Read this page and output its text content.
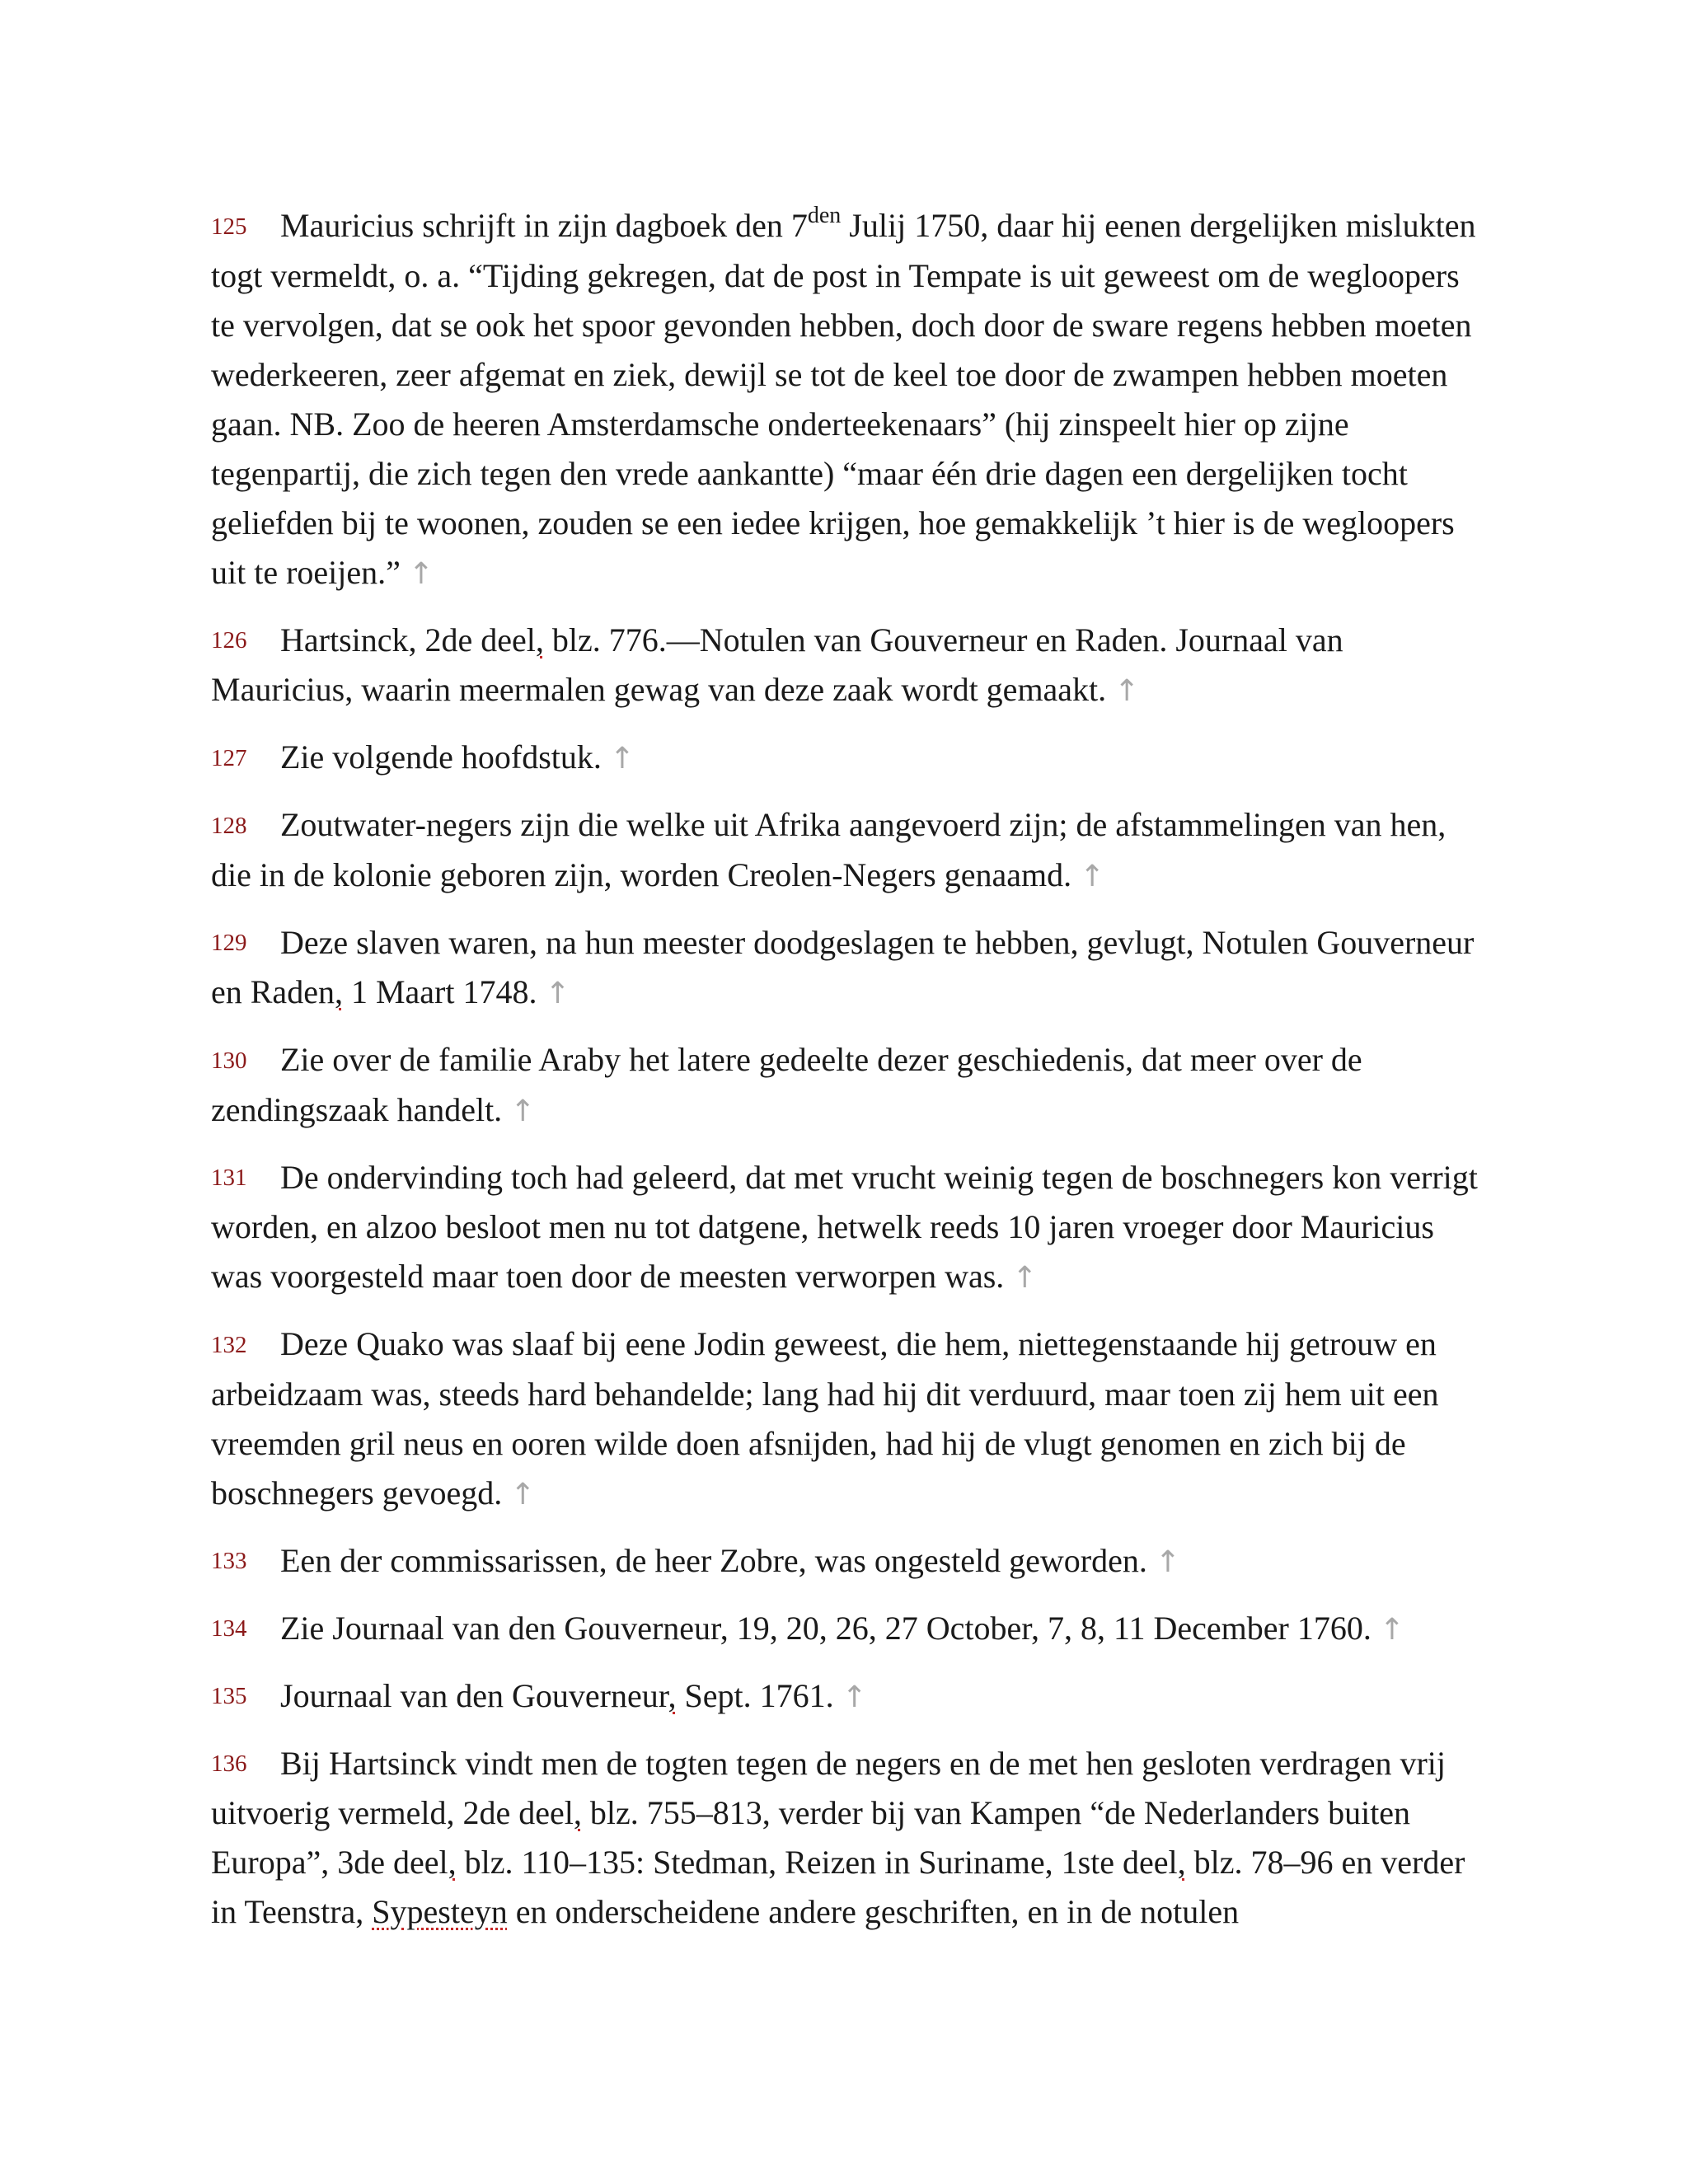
125 Mauricius schrijft in zijn dagboek den $7^{den}$ Julij 1750, daar hij eenen dergelijken mislukten togt vermeldt, o. a. “Tijding gekregen, dat de post in Tempate is uit geweest om de wegloopers te vervolgen, dat se ook het spoor gevonden hebben, doch door de sware regens hebben moeten wederkeeren, zeer afgemat en ziek, dewijl se tot de keel toe door de zwampen hebben moeten gaan. NB. Zoo de heeren Amsterdamsche onderteekenaars” (hij zinspeelt hier op zijne tegenpartij, die zich tegen den vrede aankantte) “maar één drie dagen een dergelijken tocht geliefden bij te woonen, zouden se een iedee krijgen, hoe gemakkelijk ’t hier is de wegloopers uit te roeijen.” ↑

126 Hartsinck, 2de deel, blz. 776.—Notulen van Gouverneur en Raden. Journaal van Mauricius, waarin meermalen gewag van deze zaak wordt gemaakt. ↑

127 Zie volgende hoofdstuk. ↑

128 Zoutwater-negers zijn die welke uit Afrika aangevoerd zijn; de afstammelingen van hen, die in de kolonie geboren zijn, worden Creolen-Negers genaamd. ↑

129 Deze slaven waren, na hun meester doodgeslagen te hebben, gevlugt, Notulen Gouverneur en Raden, 1 Maart 1748. ↑

130 Zie over de familie Araby het latere gedeelte dezer geschiedenis, dat meer over de zendingszaak handelt. ↑

131 De ondervinding toch had geleerd, dat met vrucht weinig tegen de boschnegers kon verrigt worden, en alzoo besloot men nu tot datgene, hetwelk reeds 10 jaren vroeger door Mauricius was voorgesteld maar toen door de meesten verworpen was. ↑

132 Deze Quako was slaaf bij eene Jodin geweest, die hem, niettegenstaande hij getrouw en arbeidzaam was, steeds hard behandelde; lang had hij dit verduurd, maar toen zij hem uit een vreemden gril neus en ooren wilde doen afsnijden, had hij de vlugt genomen en zich bij de boschnegers gevoegd. ↑

133 Een der commissarissen, de heer Zobre, was ongesteld geworden. ↑

134 Zie Journaal van den Gouverneur, 19, 20, 26, 27 October, 7, 8, 11 December 1760. ↑

135 Journaal van den Gouverneur, Sept. 1761. ↑

136 Bij Hartsinck vindt men de togten tegen de negers en de met hen gesloten verdragen vrij uitvoerig vermeld, 2de deel, blz. 755–813, verder bij van Kampen “de Nederlanders buiten Europa”, 3de deel, blz. 110–135: Stedman, Reizen in Suriname, 1ste deel, blz. 78–96 en verder in Teenstra, Sypesteyn en onderscheidene andere geschriften, en in de notulen
